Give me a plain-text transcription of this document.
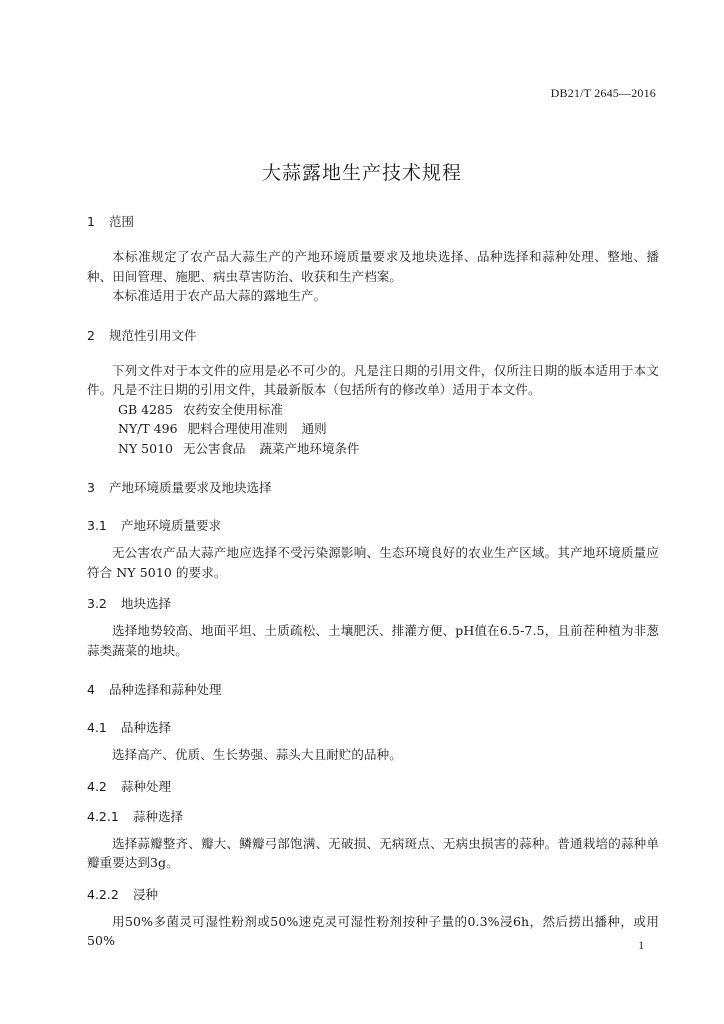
DB21/T 2645—2016
大蒜露地生产技术规程
1 范围
本标准规定了农产品大蒜生产的产地环境质量要求及地块选择、品种选择和蒜种处理、整地、播种、田间管理、施肥、病虫草害防治、收获和生产档案。
本标准适用于农产品大蒜的露地生产。
2 规范性引用文件
下列文件对于本文件的应用是必不可少的。凡是注日期的引用文件，仅所注日期的版本适用于本文件。凡是不注日期的引用文件，其最新版本（包括所有的修改单）适用于本文件。
GB 4285 农药安全使用标准
NY/T 496 肥料合理使用准则 通则
NY 5010 无公害食品 蔬菜产地环境条件
3 产地环境质量要求及地块选择
3.1 产地环境质量要求
无公害农产品大蒜产地应选择不受污染源影响、生态环境良好的农业生产区域。其产地环境质量应符合 NY 5010 的要求。
3.2 地块选择
选择地势较高、地面平坦、土质疏松、土壤肥沃、排灌方便、pH值在6.5-7.5，且前茬种植为非葱蒜类蔬菜的地块。
4 品种选择和蒜种处理
4.1 品种选择
选择高产、优质、生长势强、蒜头大且耐贮的品种。
4.2 蒜种处理
4.2.1 蒜种选择
选择蒜瓣整齐、瓣大、鳞瓣弓部饱满、无破损、无病斑点、无病虫损害的蒜种。普通栽培的蒜种单瓣重要达到3g。
4.2.2 浸种
用50%多菌灵可湿性粉剂或50%速克灵可湿性粉剂按种子量的0.3%浸6h，然后捞出播种，或用50%	1
